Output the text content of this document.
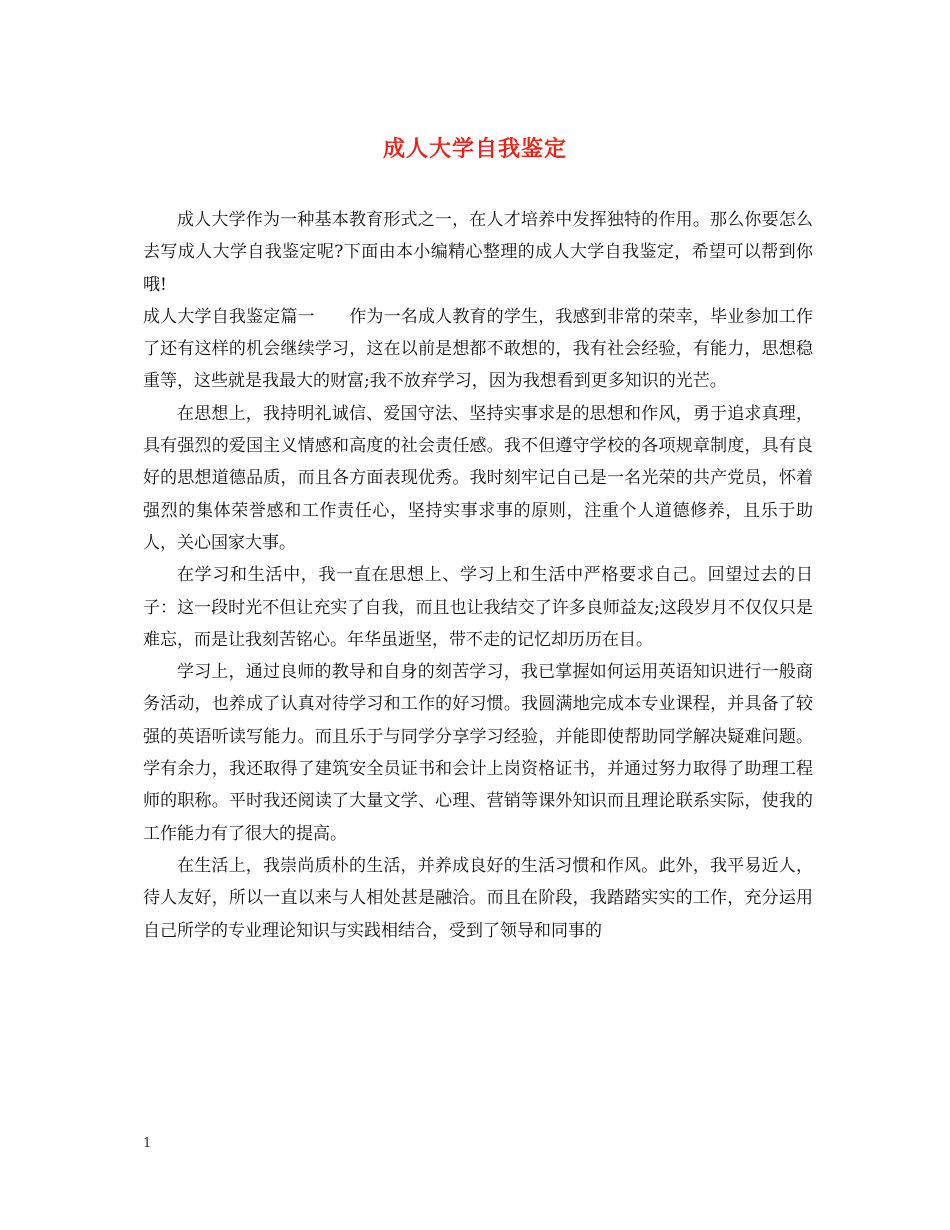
成人大学自我鉴定

成人大学作为一种基本教育形式之一，在人才培养中发挥独特的作用。那么你要怎么去写成人大学自我鉴定呢?下面由本小编精心整理的成人大学自我鉴定，希望可以帮到你哦!

成人大学自我鉴定篇一　　作为一名成人教育的学生，我感到非常的荣幸，毕业参加工作了还有这样的机会继续学习，这在以前是想都不敢想的，我有社会经验，有能力，思想稳重等，这些就是我最大的财富;我不放弃学习，因为我想看到更多知识的光芒。

在思想上，我持明礼诚信、爱国守法、坚持实事求是的思想和作风，勇于追求真理，具有强烈的爱国主义情感和高度的社会责任感。我不但遵守学校的各项规章制度，具有良好的思想道德品质，而且各方面表现优秀。我时刻牢记自己是一名光荣的共产党员，怀着强烈的集体荣誉感和工作责任心，坚持实事求事的原则，注重个人道德修养，且乐于助人，关心国家大事。

在学习和生活中，我一直在思想上、学习上和生活中严格要求自己。回望过去的日子：这一段时光不但让充实了自我，而且也让我结交了许多良师益友;这段岁月不仅仅只是难忘，而是让我刻苦铭心。年华虽逝坚，带不走的记忆却历历在目。

学习上，通过良师的教导和自身的刻苦学习，我已掌握如何运用英语知识进行一般商务活动，也养成了认真对待学习和工作的好习惯。我圆满地完成本专业课程，并具备了较强的英语听读写能力。而且乐于与同学分享学习经验，并能即使帮助同学解决疑难问题。学有余力，我还取得了建筑安全员证书和会计上岗资格证书，并通过努力取得了助理工程师的职称。平时我还阅读了大量文学、心理、营销等课外知识而且理论联系实际，使我的工作能力有了很大的提高。

在生活上，我崇尚质朴的生活，并养成良好的生活习惯和作风。此外，我平易近人，待人友好，所以一直以来与人相处甚是融洽。而且在阶段，我踏踏实实的工作，充分运用自己所学的专业理论知识与实践相结合，受到了领导和同事的

1
